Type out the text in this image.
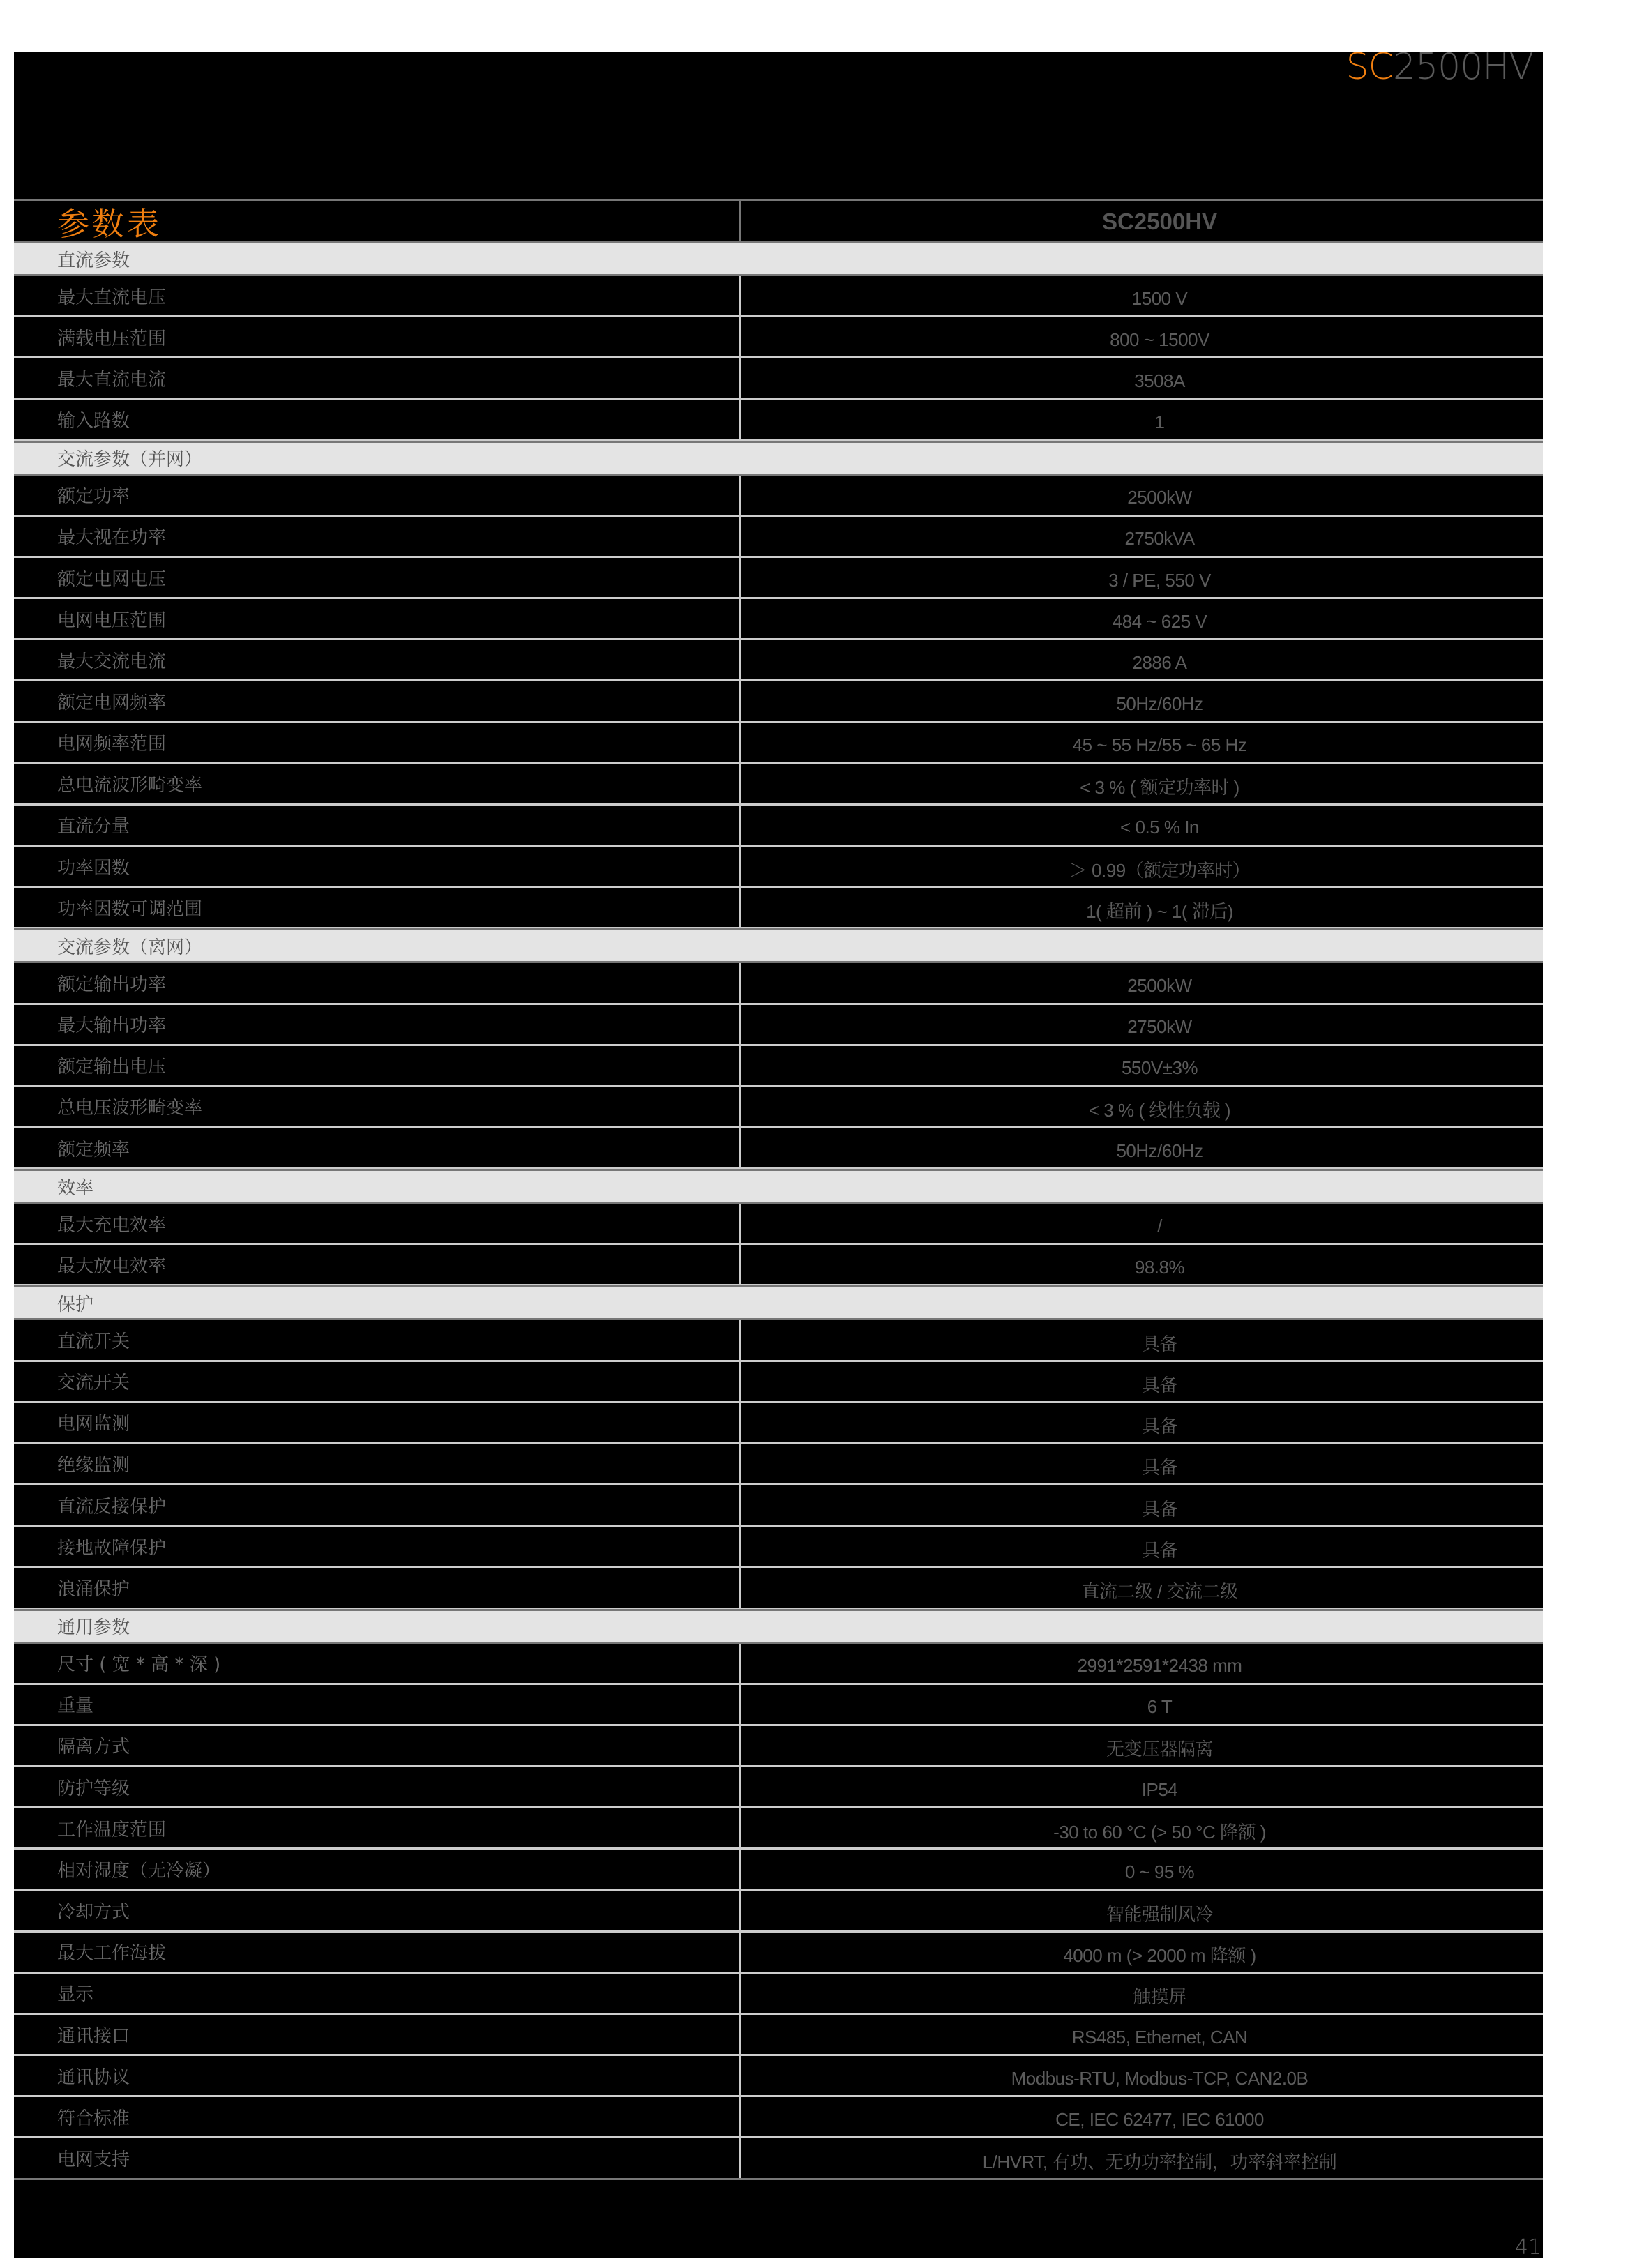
SC2500HV
参数表	SC2500HV
直流参数
最大直流电压	1500 V
满载电压范围	800 ~ 1500V
最大直流电流	3508A
输入路数	1
交流参数（并网）
额定功率	2500kW
最大视在功率	2750kVA
额定电网电压	3 / PE, 550 V
电网电压范围	484 ~ 625 V
最大交流电流	2886 A
额定电网频率	50Hz/60Hz
电网频率范围	45 ~ 55 Hz/55 ~ 65 Hz
总电流波形畸变率	< 3 % ( 额定功率时 )
直流分量	< 0.5 % In
功率因数	＞ 0.99（额定功率时）
功率因数可调范围	1( 超前 ) ~ 1( 滞后)
交流参数（离网）
额定输出功率	2500kW
最大输出功率	2750kW
额定输出电压	550V±3%
总电压波形畸变率	< 3 % ( 线性负载 )
额定频率	50Hz/60Hz
效率
最大充电效率	/
最大放电效率	98.8%
保护
直流开关	具备
交流开关	具备
电网监测	具备
绝缘监测	具备
直流反接保护	具备
接地故障保护	具备
浪涌保护	直流二级 / 交流二级
通用参数
尺寸 ( 宽 * 高 * 深 )	2991*2591*2438 mm
重量	6 T
隔离方式	无变压器隔离
防护等级	IP54
工作温度范围	-30 to 60 °C (> 50 °C 降额 )
相对湿度（无冷凝）	0 ~ 95 %
冷却方式	智能强制风冷
最大工作海拔	4000 m (> 2000 m 降额 )
显示	触摸屏
通讯接口	RS485, Ethernet, CAN
通讯协议	Modbus-RTU, Modbus-TCP, CAN2.0B
符合标准	CE, IEC 62477, IEC 61000
电网支持	L/HVRT, 有功、无功功率控制，功率斜率控制
41
